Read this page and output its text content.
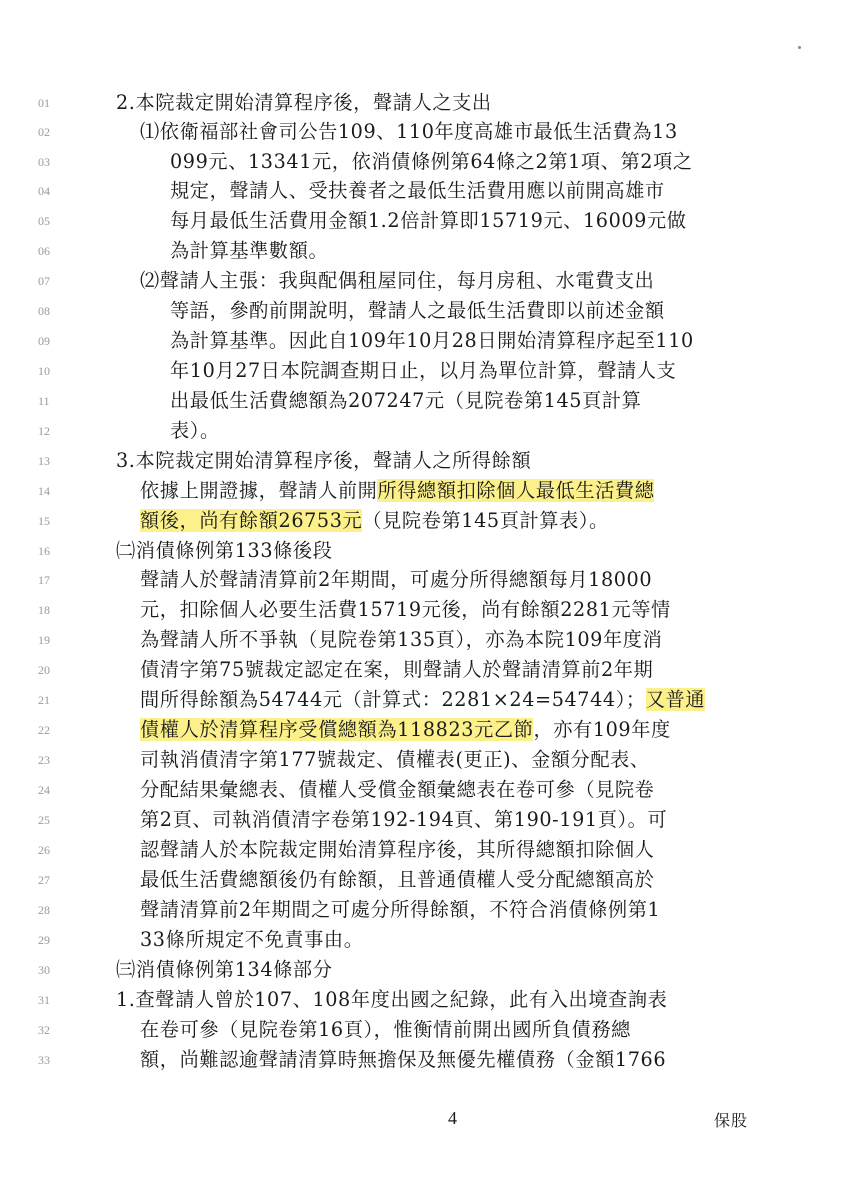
01	2.本院裁定開始清算程序後，聲請人之支出
02	⑴依衛福部社會司公告109、110年度高雄市最低生活費為13
03	099元、13341元，依消債條例第64條之2第1項、第2項之
04	規定，聲請人、受扶養者之最低生活費用應以前開高雄市
05	每月最低生活費用金額1.2倍計算即15719元、16009元做
06	為計算基準數額。
07	⑵聲請人主張：我與配偶租屋同住，每月房租、水電費支出
08	等語，參酌前開說明，聲請人之最低生活費即以前述金額
09	為計算基準。因此自109年10月28日開始清算程序起至110
10	年10月27日本院調查期日止，以月為單位計算，聲請人支
11	出最低生活費總額為207247元（見院卷第145頁計算
12	表）。
13	3.本院裁定開始清算程序後，聲請人之所得餘額
14	依據上開證據，聲請人前開所得總額扣除個人最低生活費總
15	額後，尚有餘額26753元（見院卷第145頁計算表）。
16	㈡消債條例第133條後段
17	聲請人於聲請清算前2年期間，可處分所得總額每月18000
18	元，扣除個人必要生活費15719元後，尚有餘額2281元等情
19	為聲請人所不爭執（見院卷第135頁），亦為本院109年度消
20	債清字第75號裁定認定在案，則聲請人於聲請清算前2年期
21	間所得餘額為54744元（計算式：2281×24=54744）；又普通
22	債權人於清算程序受償總額為118823元乙節，亦有109年度
23	司執消債清字第177號裁定、債權表(更正)、金額分配表、
24	分配結果彙總表、債權人受償金額彙總表在卷可參（見院卷
25	第2頁、司執消債清字卷第192-194頁、第190-191頁）。可
26	認聲請人於本院裁定開始清算程序後，其所得總額扣除個人
27	最低生活費總額後仍有餘額，且普通債權人受分配總額高於
28	聲請清算前2年期間之可處分所得餘額，不符合消債條例第1
29	33條所規定不免責事由。
30	㈢消債條例第134條部分
31	1.查聲請人曾於107、108年度出國之紀錄，此有入出境查詢表
32	在卷可參（見院卷第16頁），惟衡情前開出國所負債務總
33	額，尚難認逾聲請清算時無擔保及無優先權債務（金額1766
4	保股
